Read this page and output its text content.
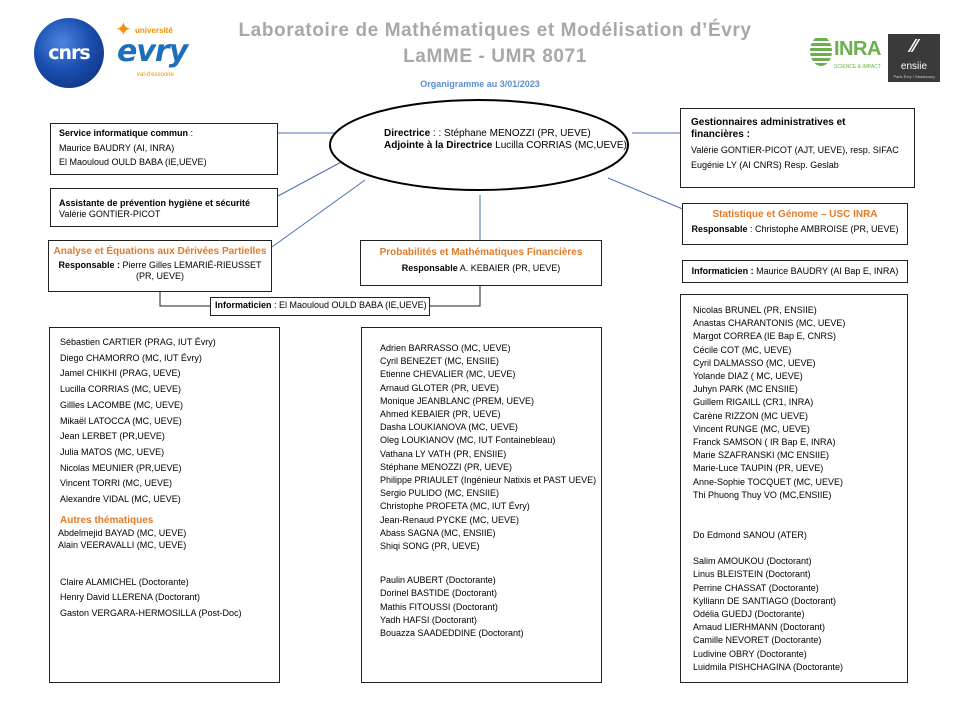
cnrs
✦ université
evry
val-d'essonne
INRA
SCIENCE & IMPACT
⁄⁄
ensiie
Paris Évry / Strasbourg
Laboratoire de Mathématiques et Modélisation d’Évry
LaMME - UMR 8071
Organigramme au 3/01/2023
Directrice : : Stéphane MENOZZI (PR, UEVE)
Adjointe à la Directrice Lucilla CORRIAS (MC,UEVE)
Service informatique commun :
Maurice BAUDRY (AI, INRA)
El Maouloud OULD BABA (IE,UEVE)
Assistante de prévention hygiène et sécurité
Valérie GONTIER-PICOT
Gestionnaires administratives et
financières :
Valérie GONTIER-PICOT (AJT, UEVE), resp. SIFAC
Eugénie LY (AI CNRS) Resp. Geslab
Statistique et Génome – USC INRA
Responsable : Christophe AMBROISE (PR, UEVE)
Analyse et Équations aux Dérivées Partielles
Responsable : Pierre Gilles LEMARIÉ-RIEUSSET
(PR, UEVE)
Probabilités et Mathématiques Financières
Responsable A. KEBAIER (PR, UEVE)
Informaticien : El Maouloud OULD BABA (IE,UEVE)
Informaticien : Maurice BAUDRY (AI Bap E, INRA)
Sébastien CARTIER (PRAG, IUT Évry)
Diego CHAMORRO (MC, IUT Évry)
Jamel CHIKHI (PRAG, UEVE)
Lucilla CORRIAS (MC, UEVE)
Gillles LACOMBE (MC, UEVE)
Mikaël LATOCCA (MC, UEVE)
Jean LERBET (PR,UEVE)
Julia MATOS (MC, UEVE)
Nicolas MEUNIER (PR,UEVE)
Vincent TORRI (MC, UEVE)
Alexandre VIDAL (MC, UEVE)
Autres thématiques
Abdelmejid BAYAD (MC, UEVE)
Alain VEERAVALLI (MC, UEVE)
Claire ALAMICHEL (Doctorante)
Henry David LLERENA (Doctorant)
Gaston VERGARA-HERMOSILLA (Post-Doc)
Adrien BARRASSO (MC, UEVE)
Cyril BENEZET (MC, ENSIIE)
Etienne CHEVALIER (MC, UEVE)
Arnaud GLOTER (PR, UEVE)
Monique JEANBLANC (PREM, UEVE)
Ahmed KEBAIER (PR, UEVE)
Dasha LOUKIANOVA (MC, UEVE)
Oleg LOUKIANOV (MC, IUT Fontainebleau)
Vathana LY VATH (PR, ENSIIE)
Stéphane MENOZZI (PR, UEVE)
Philippe PRIAULET (Ingénieur Natixis et PAST UEVE)
Sergio PULIDO (MC, ENSIIE)
Christophe PROFETA (MC, IUT Évry)
Jean-Renaud PYCKE (MC, UEVE)
Abass SAGNA (MC, ENSIIE)
Shiqi SONG (PR, UEVE)
Paulin AUBERT (Doctorante)
Dorinel BASTIDE (Doctorant)
Mathis FITOUSSI (Doctorant)
Yadh HAFSI (Doctorant)
Bouazza SAADEDDINE (Doctorant)
Nicolas BRUNEL (PR, ENSIIE)
Anastas CHARANTONIS (MC, UEVE)
Margot CORREA (IE Bap E, CNRS)
Cécile COT (MC, UEVE)
Cyril DALMASSO (MC, UEVE)
Yolande DIAZ ( MC, UEVE)
Juhyn PARK (MC ENSIIE)
Guillem RIGAILL (CR1, INRA)
Carène RIZZON (MC UEVE)
Vincent RUNGE (MC, UEVE)
Franck SAMSON ( IR Bap E, INRA)
Marie SZAFRANSKI (MC ENSIIE)
Marie-Luce TAUPIN (PR, UEVE)
Anne-Sophie TOCQUET (MC, UEVE)
Thi Phuong Thuy VO (MC,ENSIIE)
Do Edmond SANOU (ATER)
Salim AMOUKOU (Doctorant)
Linus BLEISTEIN (Doctorant)
Perrine CHASSAT (Doctorante)
Kylliann DE SANTIAGO (Doctorant)
Odélia GUEDJ (Doctorante)
Arnaud LIERHMANN (Doctorant)
Camille NEVORET (Doctorante)
Ludivine OBRY (Doctorante)
Luidmila PISHCHAGINA (Doctorante)
